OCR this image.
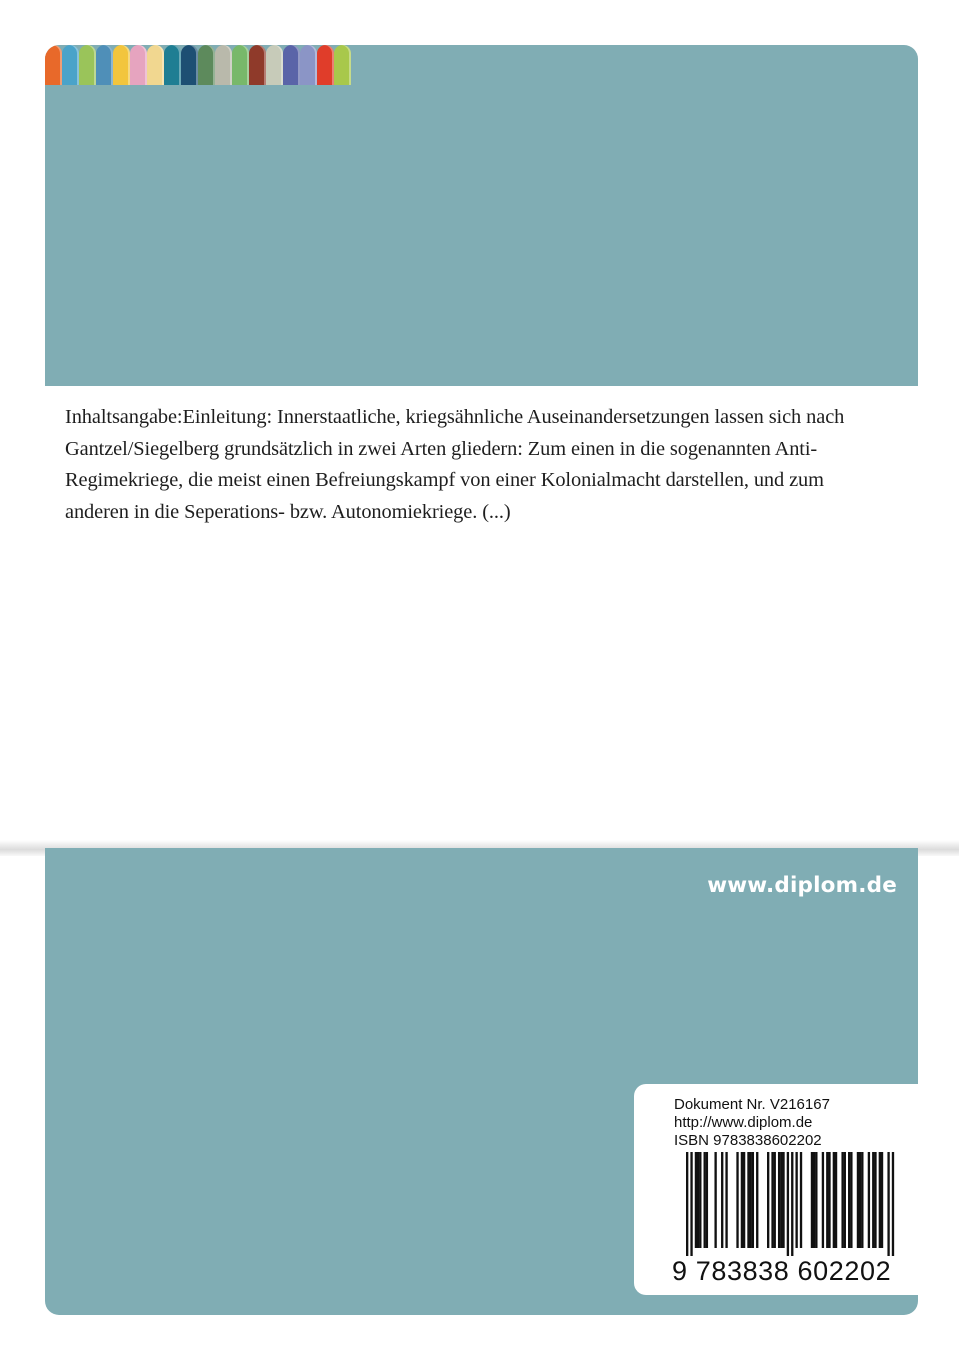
Inhaltsangabe:Einleitung: Innerstaatliche, kriegsähnliche Auseinandersetzungen lassen sich nach Gantzel/Siegelberg grundsätzlich in zwei Arten gliedern: Zum einen in die sogenannten Anti-Regimekriege, die meist einen Befreiungskampf von einer Kolonialmacht darstellen, und zum anderen in die Seperations- bzw. Autonomiekriege. (...)

www.diplom.de
Dokument Nr. V216167
http://www.diplom.de
ISBN 9783838602202
9 783838 602202
